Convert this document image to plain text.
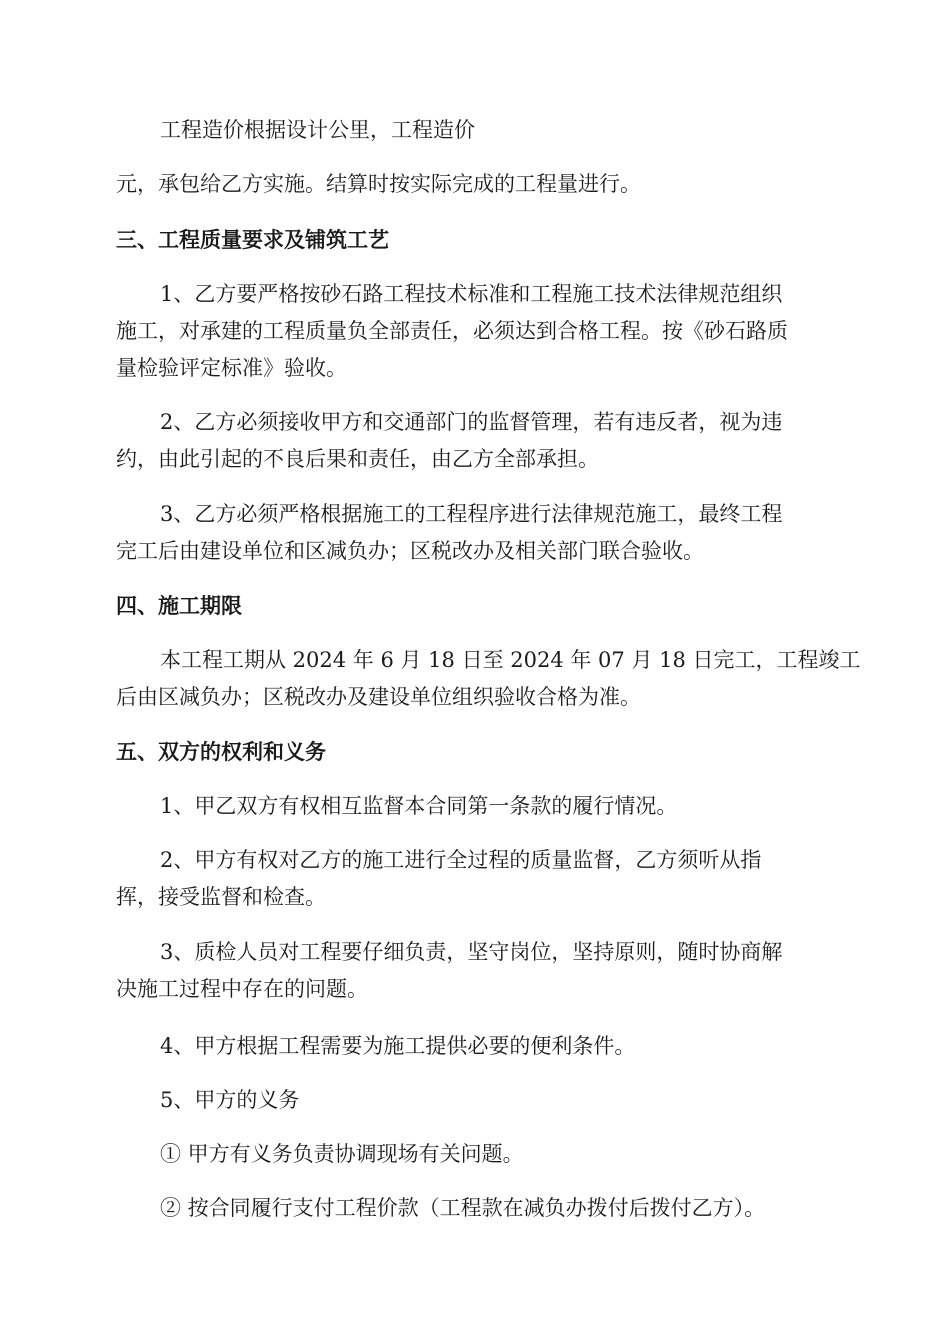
工程造价根据设计公里，工程造价
元，承包给乙方实施。结算时按实际完成的工程量进行。

三、工程质量要求及铺筑工艺

1、乙方要严格按砂石路工程技术标准和工程施工技术法律规范组织
施工，对承建的工程质量负全部责任，必须达到合格工程。按《砂石路质
量检验评定标准》验收。

2、乙方必须接收甲方和交通部门的监督管理，若有违反者，视为违
约，由此引起的不良后果和责任，由乙方全部承担。

3、乙方必须严格根据施工的工程程序进行法律规范施工，最终工程
完工后由建设单位和区减负办；区税改办及相关部门联合验收。

四、施工期限

本工程工期从 2024 年 6 月 18 日至 2024 年 07 月 18 日完工，工程竣工
后由区减负办；区税改办及建设单位组织验收合格为准。

五、双方的权利和义务

1、甲乙双方有权相互监督本合同第一条款的履行情况。

2、甲方有权对乙方的施工进行全过程的质量监督，乙方须听从指
挥，接受监督和检查。

3、质检人员对工程要仔细负责，坚守岗位，坚持原则，随时协商解
决施工过程中存在的问题。

4、甲方根据工程需要为施工提供必要的便利条件。

5、甲方的义务

① 甲方有义务负责协调现场有关问题。

② 按合同履行支付工程价款（工程款在减负办拨付后拨付乙方）。
